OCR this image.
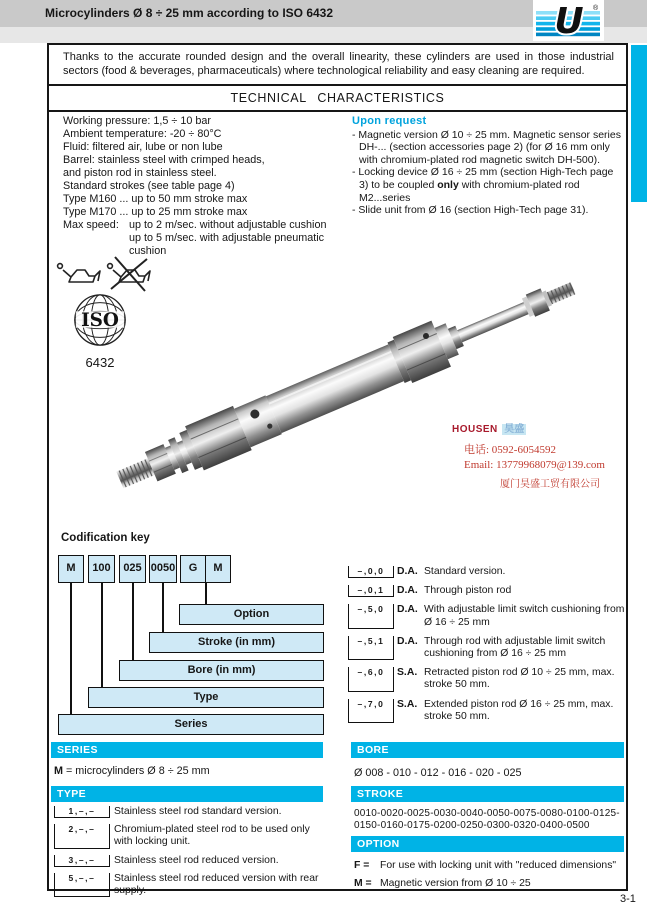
Microcylinders Ø 8 ÷ 25 mm according to ISO 6432	U ®
Thanks to the accurate rounded design and the overall linearity, these cylinders are used in those industrial sectors (food & beverages, pharmaceuticals) where technological reliability and easy cleaning are required.
TECHNICAL CHARACTERISTICS
Working pressure: 1,5 ÷ 10 bar
Ambient temperature: -20 ÷ 80°C
Fluid: filtered air, lube or non lube
Barrel: stainless steel with crimped heads,
and piston rod in stainless steel.
Standard strokes (see table page 4)
Type M160 ... up to 50 mm stroke max
Type M170 ... up to 25 mm stroke max
Max speed: up to 2 m/sec. without adjustable cushion
up to 5 m/sec. with adjustable pneumatic
cushion
Upon request
- Magnetic version Ø 10 ÷ 25 mm. Magnetic sensor series DH-... (section accessories page 2) (for Ø 16 mm only with chromium-plated rod magnetic switch DH-500).
- Locking device Ø 16 ÷ 25 mm (section High-Tech page 3) to be coupled only with chromium-plated rod M2...series
- Slide unit from Ø 16 (section High-Tech page 31).
ISO
6432
HOUSEN 昊盛
电话: 0592-6054592
Email: 13779968079@139.com
厦门昊盛工贸有限公司
Codification key
M	100	025 0050	G	M
Option
Stroke (in mm)
Bore (in mm)
Type
Series
–,0,0	D.A. Standard version.
–,0,1	D.A. Through piston rod
–,5,0	D.A. With adjustable limit switch cushioning from Ø 16 ÷ 25 mm
–,5,1	D.A. Through rod with adjustable limit switch cushioning from Ø 16 ÷ 25 mm
–,6,0	S.A. Retracted piston rod Ø 10 ÷ 25 mm, max. stroke 50 mm.
–,7,0	S.A. Extended piston rod Ø 16 ÷ 25 mm, max. stroke 50 mm.
SERIES
M = microcylinders Ø 8 ÷ 25 mm
TYPE
1,–,–	Stainless steel rod standard version.
2,–,–	Chromium-plated steel rod to be used only with locking unit.
3,–,–	Stainless steel rod reduced version.
5,–,–	Stainless steel rod reduced version with rear supply.
BORE
Ø 008 - 010 - 012 - 016 - 020 - 025
STROKE
0010-0020-0025-0030-0040-0050-0075-0080-0100-0125-0150-0160-0175-0200-0250-0300-0320-0400-0500
OPTION
F =	For use with locking unit with "reduced dimensions"
M = Magnetic version from Ø 10 ÷ 25
3-1
